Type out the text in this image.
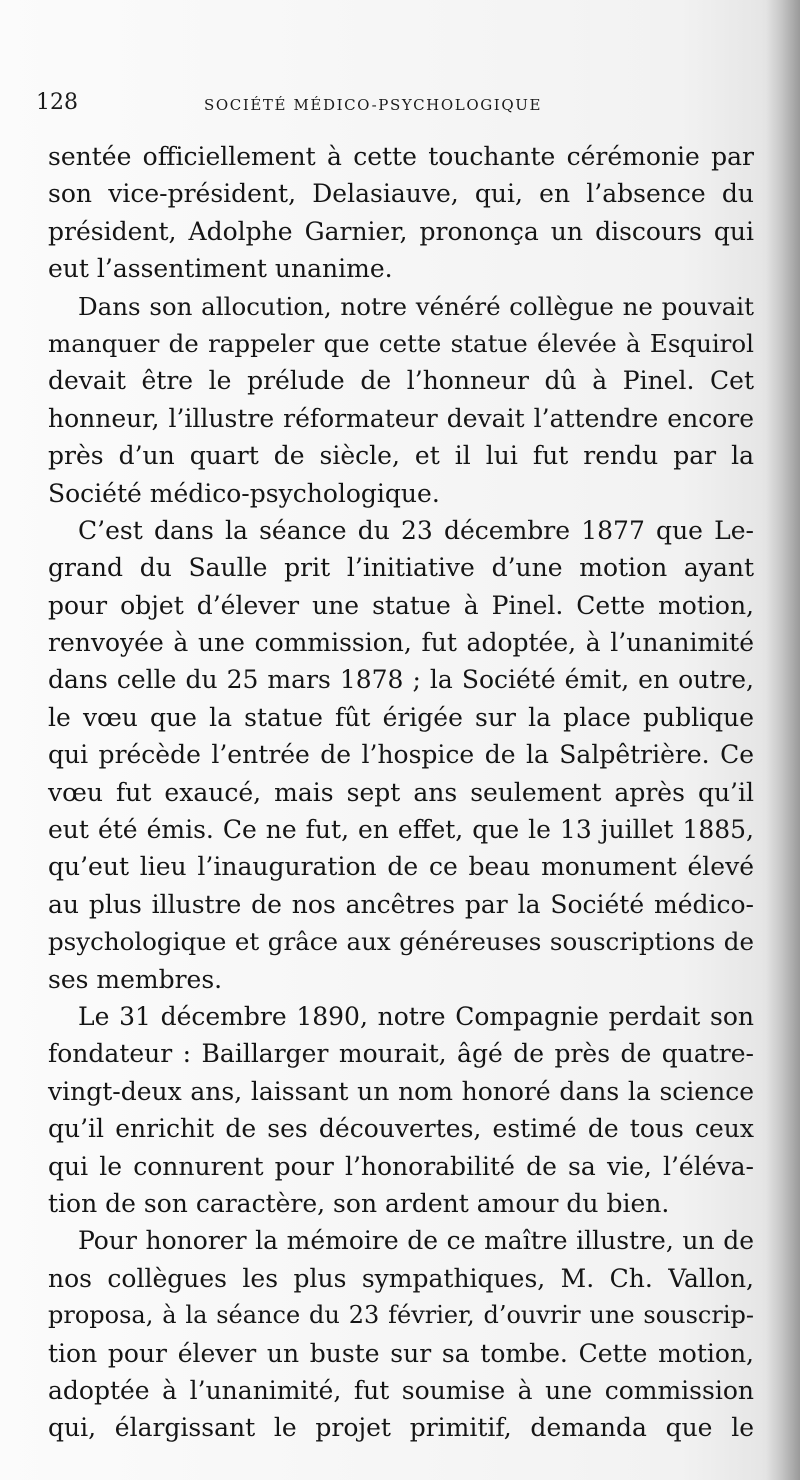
128	SOCIÉTÉ MÉDICO-PSYCHOLOGIQUE
sentée officiellement à cette touchante cérémonie par
son vice-président, Delasiauve, qui, en l’absence du
président, Adolphe Garnier, prononça un discours qui
eut l’assentiment unanime.
Dans son allocution, notre vénéré collègue ne pouvait
manquer de rappeler que cette statue élevée à Esquirol
devait être le prélude de l’honneur dû à Pinel. Cet
honneur, l’illustre réformateur devait l’attendre encore
près d’un quart de siècle, et il lui fut rendu par la
Société médico-psychologique.
C’est dans la séance du 23 décembre 1877 que Le-
grand du Saulle prit l’initiative d’une motion ayant
pour objet d’élever une statue à Pinel. Cette motion,
renvoyée à une commission, fut adoptée, à l’unanimité
dans celle du 25 mars 1878 ; la Société émit, en outre,
le vœu que la statue fût érigée sur la place publique
qui précède l’entrée de l’hospice de la Salpêtrière. Ce
vœu fut exaucé, mais sept ans seulement après qu’il
eut été émis. Ce ne fut, en effet, que le 13 juillet 1885,
qu’eut lieu l’inauguration de ce beau monument élevé
au plus illustre de nos ancêtres par la Société médico-
psychologique et grâce aux généreuses souscriptions de
ses membres.
Le 31 décembre 1890, notre Compagnie perdait son
fondateur : Baillarger mourait, âgé de près de quatre-
vingt-deux ans, laissant un nom honoré dans la science
qu’il enrichit de ses découvertes, estimé de tous ceux
qui le connurent pour l’honorabilité de sa vie, l’éléva-
tion de son caractère, son ardent amour du bien.
Pour honorer la mémoire de ce maître illustre, un de
nos collègues les plus sympathiques, M. Ch. Vallon,
proposa, à la séance du 23 février, d’ouvrir une souscrip-
tion pour élever un buste sur sa tombe. Cette motion,
adoptée à l’unanimité, fut soumise à une commission
qui, élargissant le projet primitif, demanda que le
